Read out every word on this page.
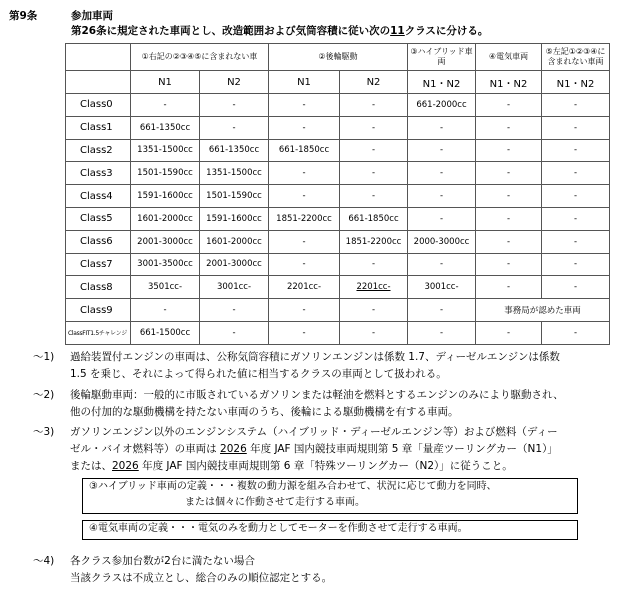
第9条	参加車両
第26条に規定された車両とし、改造範囲および気筒容積に従い次の11クラスに分ける。
	①右記の②③④⑤に含まれない車		②後輪駆動		③ハイブリッド車両	④電気車両	⑤左記①②③④に含まれない車両
	N1	N2	N1	N2	N1・N2	N1・N2	N1・N2
Class0	-	-	-	-	661-2000cc	-	-
Class1	661-1350cc	-	-	-	-	-	-
Class2	1351-1500cc	661-1350cc	661-1850cc	-	-	-	-
Class3	1501-1590cc	1351-1500cc	-	-	-	-	-
Class4	1591-1600cc	1501-1590cc	-	-	-	-	-
Class5	1601-2000cc	1591-1600cc	1851-2200cc	661-1850cc	-	-	-
Class6	2001-3000cc	1601-2000cc	-	1851-2200cc	2000-3000cc	-	-
Class7	3001-3500cc	2001-3000cc	-	-	-	-	-
Class8	3501cc-	3001cc-	2201cc-	2201cc-	3001cc-	-	-
Class9	-	-	-	-	-	事務局が認めた車両	
ClassFIT1.5チャレンジ	661-1500cc	-	-	-	-	-	-
～1) 過給装置付エンジンの車両は、公称気筒容積にガソリンエンジンは係数 1.7、ディーゼルエンジンは係数
1.5 を乗じ、それによって得られた値に相当するクラスの車両として扱われる。
～2) 後輪駆動車両：一般的に市販されているガソリンまたは軽油を燃料とするエンジンのみにより駆動され、
他の付加的な駆動機構を持たない車両のうち、後輪による駆動機構を有する車両。
～3) ガソリンエンジン以外のエンジンシステム（ハイブリッド・ディーゼルエンジン等）および燃料（ディー
ゼル・バイオ燃料等）の車両は 2026 年度 JAF 国内競技車両規則第 5 章「量産ツーリングカー（N1）」
または、2026 年度 JAF 国内競技車両規則第 6 章「特殊ツーリングカー（N2）」に従うこと。
③ハイブリッド車両の定義・・・複数の動力源を組み合わせて、状況に応じて動力を同時、
または個々に作動させて走行する車両。
④電気車両の定義・・・電気のみを動力としてモーターを作動させて走行する車両。
～4) 各クラス参加台数が2台に満たない場合
当該クラスは不成立とし、総合のみの順位認定とする。
